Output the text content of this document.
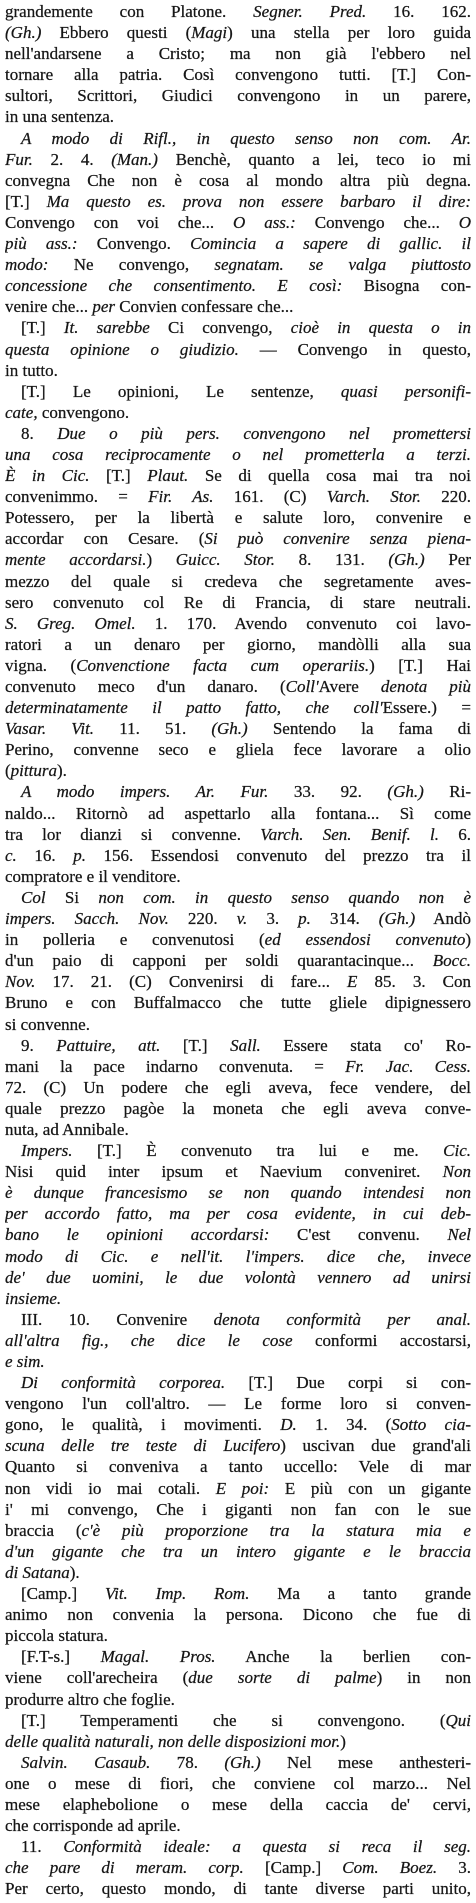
grandemente con Platone. Segner. Pred. 16. 162.
(Gh.) Ebbero questi (Magi) una stella per loro guida
nell'andarsene a Cristo; ma non già l'ebbero nel
tornare alla patria. Così convengono tutti. [T.] Con-
sultori, Scrittori, Giudici convengono in un parere,
in una sentenza.
A modo di Rifl., in questo senso non com. Ar.
Fur. 2. 4. (Man.) Benchè, quanto a lei, teco io mi
convegna Che non è cosa al mondo altra più degna.
[T.] Ma questo es. prova non essere barbaro il dire:
Convengo con voi che... O ass.: Convengo che... O
più ass.: Convengo. Comincia a sapere di gallic. il
modo: Ne convengo, segnatam. se valga piuttosto
concessione che consentimento. E così: Bisogna con-
venire che... per Convien confessare che...
[T.] It. sarebbe Ci convengo, cioè in questa o in
questa opinione o giudizio. — Convengo in questo,
in tutto.
[T.] Le opinioni, Le sentenze, quasi personifi-
cate, convengono.
8. Due o più pers. convengono nel promettersi
una cosa reciprocamente o nel prometterla a terzi.
È in Cic. [T.] Plaut. Se di quella cosa mai tra noi
convenimmo. = Fir. As. 161. (C) Varch. Stor. 220.
Potessero, per la libertà e salute loro, convenire e
accordar con Cesare. (Si può convenire senza piena-
mente accordarsi.) Guicc. Stor. 8. 131. (Gh.) Per
mezzo del quale si credeva che segretamente aves-
sero convenuto col Re di Francia, di stare neutrali.
S. Greg. Omel. 1. 170. Avendo convenuto coi lavo-
ratori a un denaro per giorno, mandòlli alla sua
vigna. (Convenctione facta cum operariis.) [T.] Hai
convenuto meco d'un danaro. (Coll'Avere denota più
determinatamente il patto fatto, che coll'Essere.) =
Vasar. Vit. 11. 51. (Gh.) Sentendo la fama di
Perino, convenne seco e gliela fece lavorare a olio
(pittura).
A modo impers. Ar. Fur. 33. 92. (Gh.) Ri-
naldo... Ritornò ad aspettarlo alla fontana... Sì come
tra lor dianzi si convenne. Varch. Sen. Benif. l. 6.
c. 16. p. 156. Essendosi convenuto del prezzo tra il
compratore e il venditore.
Col Si non com. in questo senso quando non è
impers. Sacch. Nov. 220. v. 3. p. 314. (Gh.) Andò
in polleria e convenutosi (ed essendosi convenuto)
d'un paio di capponi per soldi quarantacinque... Bocc.
Nov. 17. 21. (C) Convenirsi di fare... E 85. 3. Con
Bruno e con Buffalmacco che tutte gliele dipignessero
si convenne.
9. Pattuire, att. [T.] Sall. Essere stata co' Ro-
mani la pace indarno convenuta. = Fr. Jac. Cess.
72. (C) Un podere che egli aveva, fece vendere, del
quale prezzo pagòe la moneta che egli aveva conve-
nuta, ad Annibale.
Impers. [T.] È convenuto tra lui e me. Cic.
Nisi quid inter ipsum et Naevium conveniret. Non
è dunque francesismo se non quando intendesi non
per accordo fatto, ma per cosa evidente, in cui deb-
bano le opinioni accordarsi: C'est convenu. Nel
modo di Cic. e nell'it. l'impers. dice che, invece
de' due uomini, le due volontà vennero ad unirsi
insieme.
III. 10. Convenire denota conformità per anal.
all'altra fig., che dice le cose conformi accostarsi,
e sim.
Di conformità corporea. [T.] Due corpi si con-
vengono l'un coll'altro. — Le forme loro si conven-
gono, le qualità, i movimenti. D. 1. 34. (Sotto cia-
scuna delle tre teste di Lucifero) uscivan due grand'ali
Quanto si conveniva a tanto uccello: Vele di mar
non vidi io mai cotali. E poi: E più con un gigante
i' mi convengo, Che i giganti non fan con le sue
braccia (c'è più proporzione tra la statura mia e
d'un gigante che tra un intero gigante e le braccia
di Satana).
[Camp.] Vit. Imp. Rom. Ma a tanto grande
animo non convenia la persona. Dicono che fue di
piccola statura.
[F.T-s.] Magal. Pros. Anche la berlien con-
viene coll'arecheira (due sorte di palme) in non
produrre altro che foglie.
[T.] Temperamenti che si convengono. (Qui
delle qualità naturali, non delle disposizioni mor.)
Salvin. Casaub. 78. (Gh.) Nel mese anthesteri-
one o mese di fiori, che conviene col marzo... Nel
mese elaphebolione o mese della caccia de' cervi,
che corrisponde ad aprile.
11. Conformità ideale: a questa si reca il seg.
che pare di meram. corp. [Camp.] Com. Boez. 3.
Per certo, questo mondo, di tante diverse parti unito,
